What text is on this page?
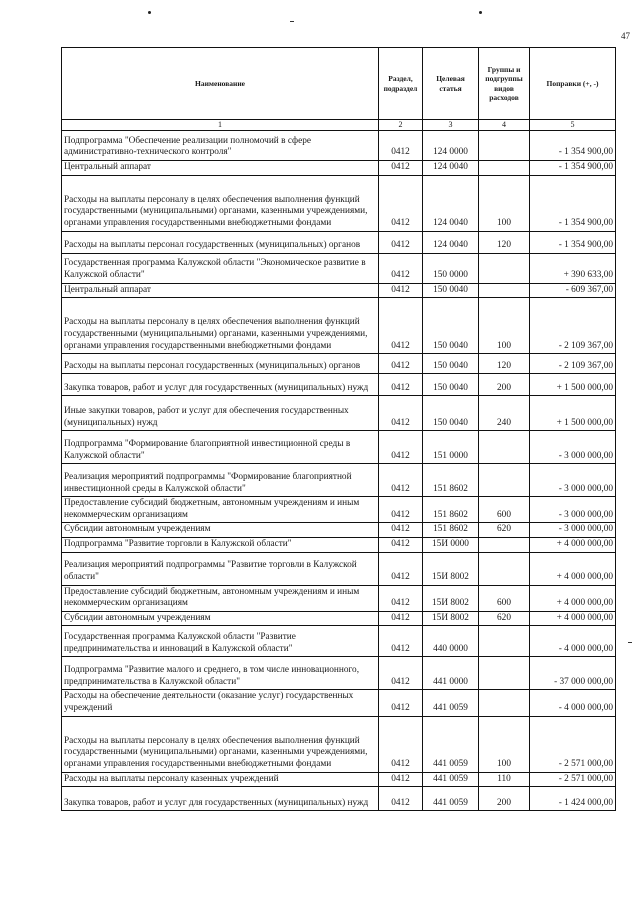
47
Наименование	Раздел, подраздел	Целевая статья	Группы и подгруппы видов расходов	Поправки (+, -)
1	2	3	4	5
Подпрограмма "Обеспечение реализации полномочий в сфере административно-технического контроля"	0412	124 0000		- 1 354 900,00
Центральный аппарат	0412	124 0040		- 1 354 900,00
Расходы на выплаты персоналу в целях обеспечения выполнения функций государственными (муниципальными) органами, казенными учреждениями, органами управления государственными внебюджетными фондами	0412	124 0040	100	- 1 354 900,00
Расходы на выплаты персонал государственных (муниципальных) органов	0412	124 0040	120	- 1 354 900,00
Государственная программа Калужской области "Экономическое развитие в Калужской области"	0412	150 0000		+ 390 633,00
Центральный аппарат	0412	150 0040		- 609 367,00
Расходы на выплаты персоналу в целях обеспечения выполнения функций государственными (муниципальными) органами, казенными учреждениями, органами управления государственными внебюджетными фондами	0412	150 0040	100	- 2 109 367,00
Расходы на выплаты персонал государственных (муниципальных) органов	0412	150 0040	120	- 2 109 367,00
Закупка товаров, работ и услуг для государственных (муниципальных) нужд	0412	150 0040	200	+ 1 500 000,00
Иные закупки товаров, работ и услуг для обеспечения государственных (муниципальных) нужд	0412	150 0040	240	+ 1 500 000,00
Подпрограмма "Формирование благоприятной инвестиционной среды в Калужской области"	0412	151 0000		- 3 000 000,00
Реализация мероприятий подпрограммы "Формирование благоприятной инвестиционной среды в Калужской области"	0412	151 8602		- 3 000 000,00
Предоставление субсидий бюджетным, автономным учреждениям и иным некоммерческим организациям	0412	151 8602	600	- 3 000 000,00
Субсидии автономным учреждениям	0412	151 8602	620	- 3 000 000,00
Подпрограмма "Развитие торговли в Калужской области"	0412	15И 0000		+ 4 000 000,00
Реализация мероприятий подпрограммы "Развитие торговли в Калужской области"	0412	15И 8002		+ 4 000 000,00
Предоставление субсидий бюджетным, автономным учреждениям и иным некоммерческим организациям	0412	15И 8002	600	+ 4 000 000,00
Субсидии автономным учреждениям	0412	15И 8002	620	+ 4 000 000,00
Государственная программа Калужской области "Развитие предпринимательства и инноваций в Калужской области"	0412	440 0000		- 4 000 000,00
Подпрограмма "Развитие малого и среднего, в том числе инновационного, предпринимательства в Калужской области"	0412	441 0000		- 37 000 000,00
Расходы на обеспечение деятельности (оказание услуг) государственных учреждений	0412	441 0059		- 4 000 000,00
Расходы на выплаты персоналу в целях обеспечения выполнения функций государственными (муниципальными) органами, казенными учреждениями, органами управления государственными внебюджетными фондами	0412	441 0059	100	- 2 571 000,00
Расходы на выплаты персоналу казенных учреждений	0412	441 0059	110	- 2 571 000,00
Закупка товаров, работ и услуг для государственных (муниципальных) нужд	0412	441 0059	200	- 1 424 000,00
